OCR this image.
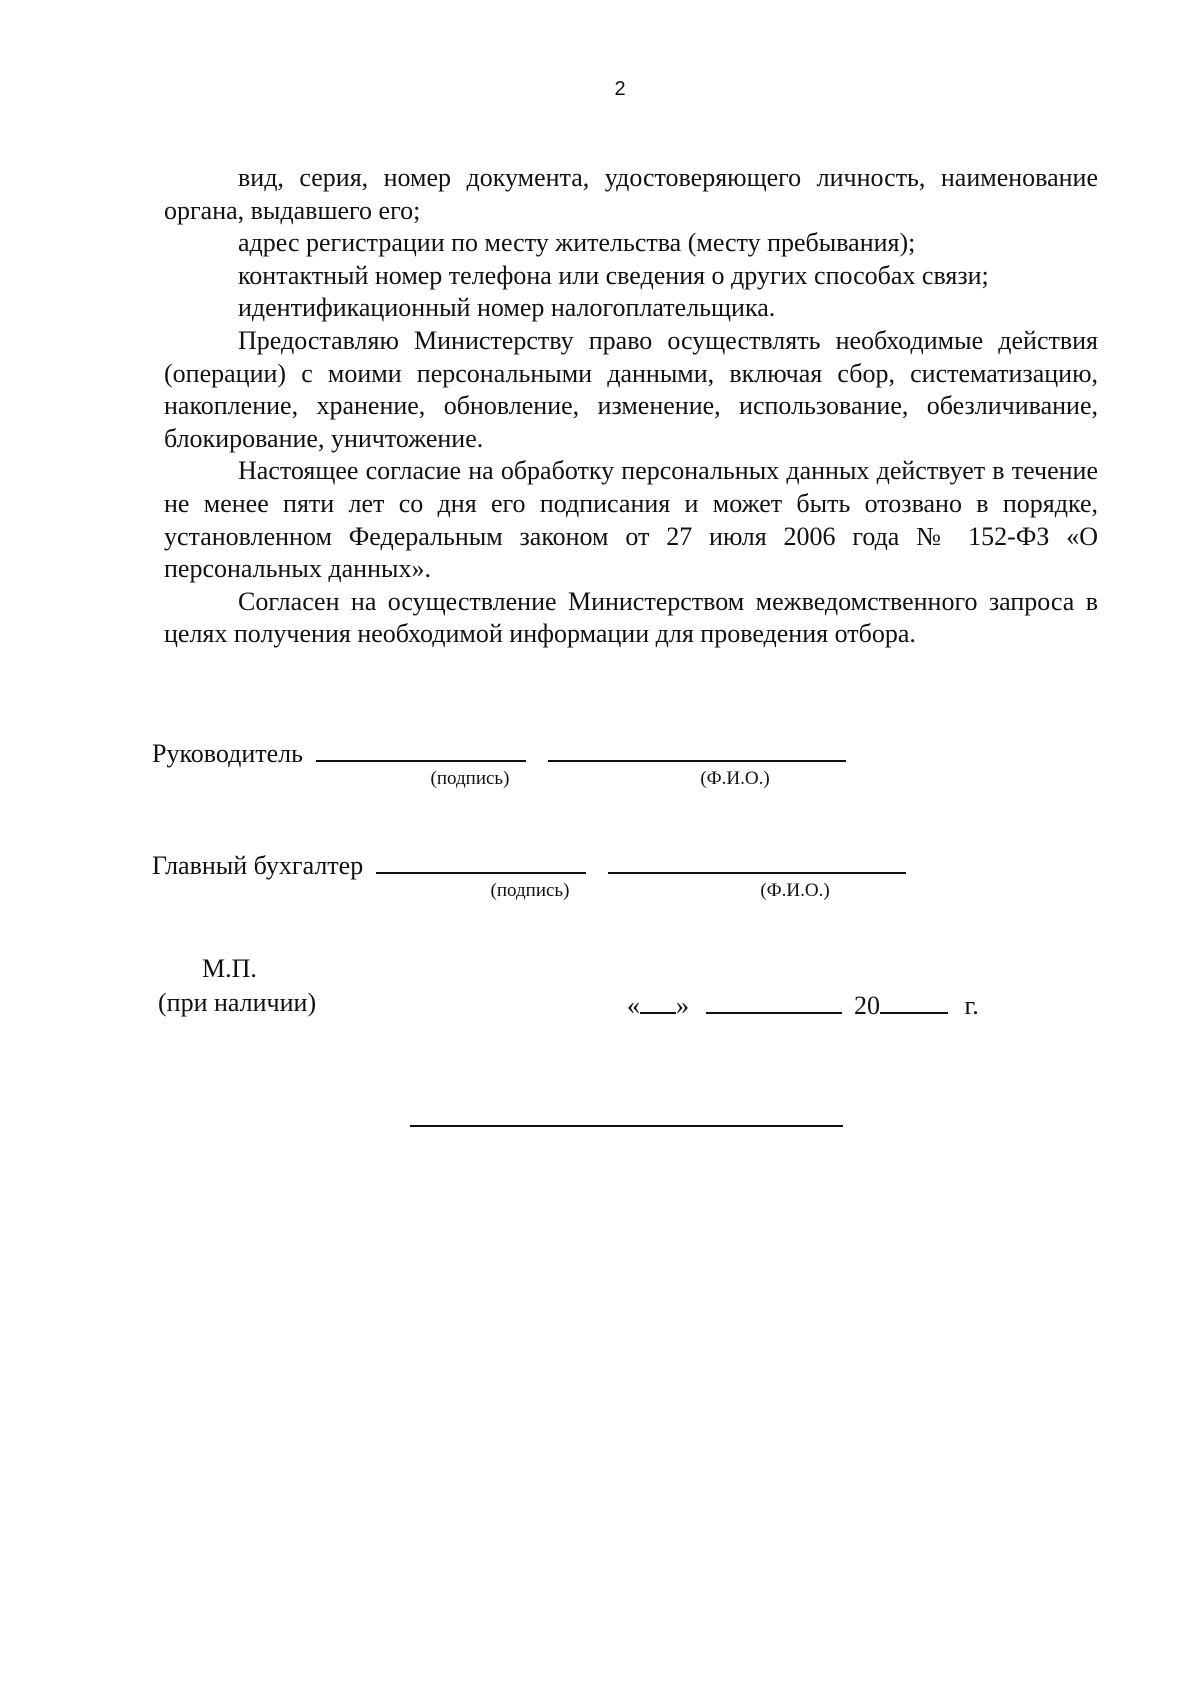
2

вид, серия, номер документа, удостоверяющего личность, наименование органа, выдавшего его;

адрес регистрации по месту жительства (месту пребывания);

контактный номер телефона или сведения о других способах связи;

идентификационный номер налогоплательщика.

Предоставляю Министерству право осуществлять необходимые действия (операции) с моими персональными данными, включая сбор, систематизацию, накопление, хранение, обновление, изменение, использование, обезличивание, блокирование, уничтожение.

Настоящее согласие на обработку персональных данных действует в течение не менее пяти лет со дня его подписания и может быть отозвано в порядке, установленном Федеральным законом от 27 июля 2006 года № 152-ФЗ «О персональных данных».

Согласен на осуществление Министерством межведомственного запроса в целях получения необходимой информации для проведения отбора.

Руководитель
(подпись)	(Ф.И.О.)
Главный бухгалтер
(подпись)	(Ф.И.О.)
М.П.
(при наличии)	« »	20	г.
